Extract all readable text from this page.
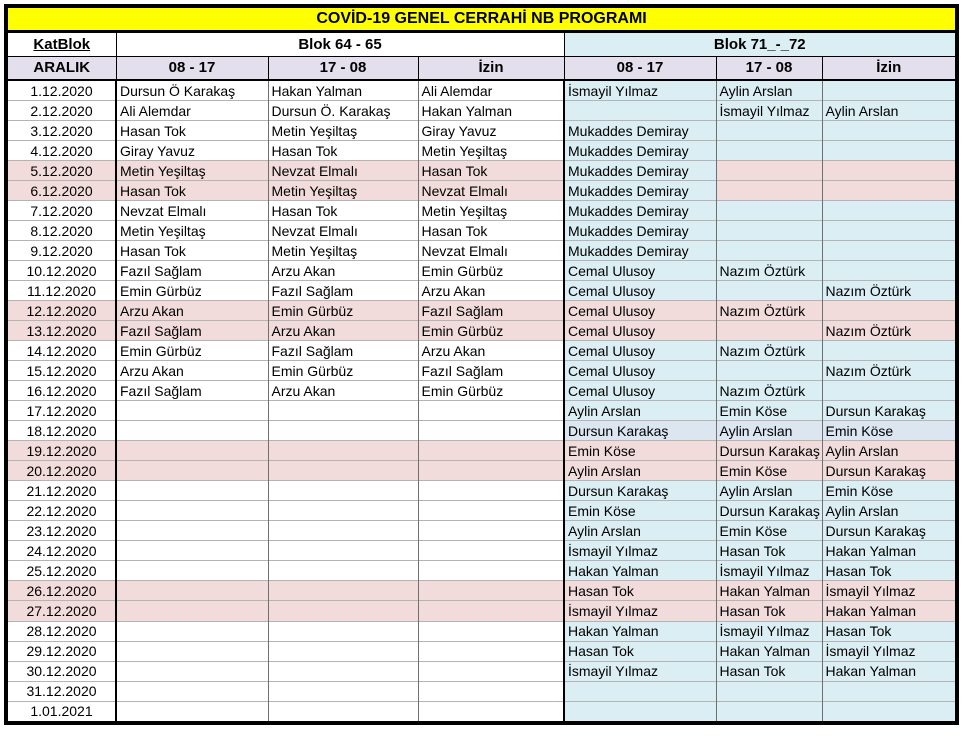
COVİD-19 GENEL CERRAHİ NB PROGRAMI						
KatBlok	Blok 64 - 65			Blok 71_-_72		
ARALIK	08 - 17	17 - 08	İzin	08 - 17	17 - 08	İzin
1.12.2020	Dursun Ö Karakaş	Hakan Yalman	Ali Alemdar	İsmayil Yılmaz	Aylin Arslan	
2.12.2020	Ali Alemdar	Dursun Ö. Karakaş	Hakan Yalman		İsmayil Yılmaz	Aylin Arslan
3.12.2020	Hasan Tok	Metin Yeşiltaş	Giray Yavuz	Mukaddes Demiray		
4.12.2020	Giray Yavuz	Hasan Tok	Metin Yeşiltaş	Mukaddes Demiray		
5.12.2020	Metin Yeşiltaş	Nevzat Elmalı	Hasan Tok	Mukaddes Demiray		
6.12.2020	Hasan Tok	Metin Yeşiltaş	Nevzat Elmalı	Mukaddes Demiray		
7.12.2020	Nevzat Elmalı	Hasan Tok	Metin Yeşiltaş	Mukaddes Demiray		
8.12.2020	Metin Yeşiltaş	Nevzat Elmalı	Hasan Tok	Mukaddes Demiray		
9.12.2020	Hasan Tok	Metin Yeşiltaş	Nevzat Elmalı	Mukaddes Demiray		
10.12.2020	Fazıl Sağlam	Arzu Akan	Emin Gürbüz	Cemal Ulusoy	Nazım Öztürk	
11.12.2020	Emin Gürbüz	Fazıl Sağlam	Arzu Akan	Cemal Ulusoy		Nazım Öztürk
12.12.2020	Arzu Akan	Emin Gürbüz	Fazıl Sağlam	Cemal Ulusoy	Nazım Öztürk	
13.12.2020	Fazıl Sağlam	Arzu Akan	Emin Gürbüz	Cemal Ulusoy		Nazım Öztürk
14.12.2020	Emin Gürbüz	Fazıl Sağlam	Arzu Akan	Cemal Ulusoy	Nazım Öztürk	
15.12.2020	Arzu Akan	Emin Gürbüz	Fazıl Sağlam	Cemal Ulusoy		Nazım Öztürk
16.12.2020	Fazıl Sağlam	Arzu Akan	Emin Gürbüz	Cemal Ulusoy	Nazım Öztürk	
17.12.2020				Aylin Arslan	Emin Köse	Dursun Karakaş
18.12.2020				Dursun Karakaş	Aylin Arslan	Emin Köse
19.12.2020				Emin Köse	Dursun Karakaş	Aylin Arslan
20.12.2020				Aylin Arslan	Emin Köse	Dursun Karakaş
21.12.2020				Dursun Karakaş	Aylin Arslan	Emin Köse
22.12.2020				Emin Köse	Dursun Karakaş	Aylin Arslan
23.12.2020				Aylin Arslan	Emin Köse	Dursun Karakaş
24.12.2020				İsmayil Yılmaz	Hasan Tok	Hakan Yalman
25.12.2020				Hakan Yalman	İsmayil Yılmaz	Hasan Tok
26.12.2020				Hasan Tok	Hakan Yalman	İsmayil Yılmaz
27.12.2020				İsmayil Yılmaz	Hasan Tok	Hakan Yalman
28.12.2020				Hakan Yalman	İsmayil Yılmaz	Hasan Tok
29.12.2020				Hasan Tok	Hakan Yalman	İsmayil Yılmaz
30.12.2020				İsmayil Yılmaz	Hasan Tok	Hakan Yalman
31.12.2020						
1.01.2021						
